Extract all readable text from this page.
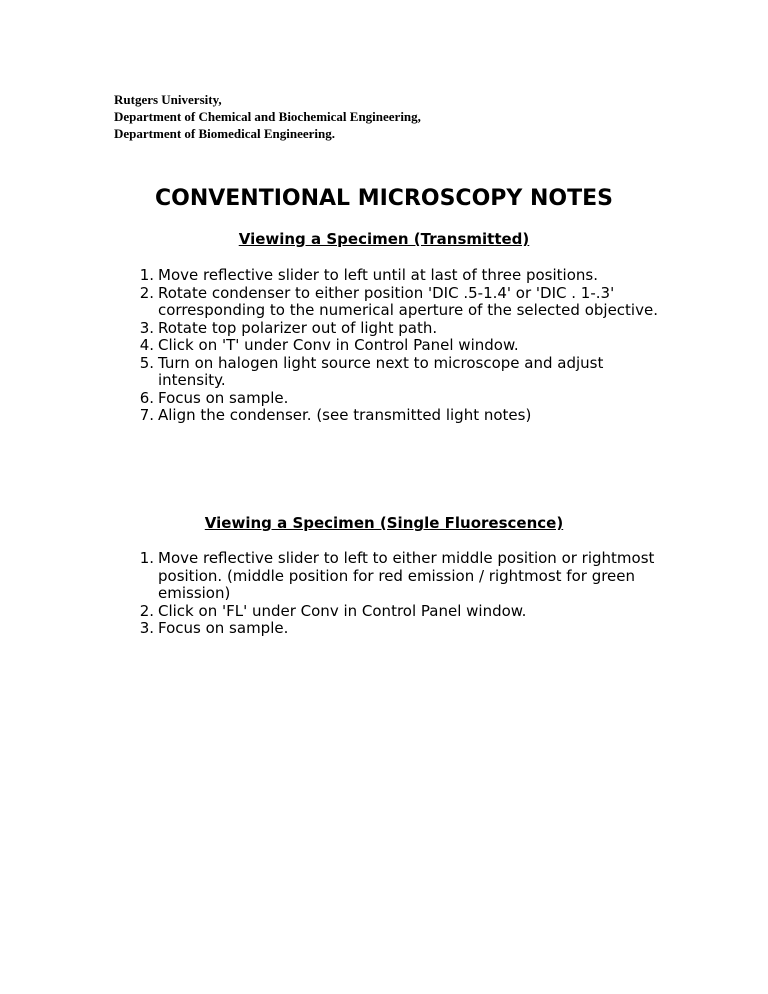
Rutgers University,
Department of Chemical and Biochemical Engineering,
Department of Biomedical Engineering.
CONVENTIONAL MICROSCOPY NOTES
Viewing a Specimen (Transmitted)
1. Move reflective slider to left until at last of three positions.
2. Rotate condenser to either position 'DIC .5-1.4' or 'DIC . 1-.3' corresponding to the numerical aperture of the selected objective.
3. Rotate top polarizer out of light path.
4. Click on 'T' under Conv in Control Panel window.
5. Turn on halogen light source next to microscope and adjust intensity.
6. Focus on sample.
7. Align the condenser. (see transmitted light notes)
Viewing a Specimen (Single Fluorescence)
1. Move reflective slider to left to either middle position or rightmost position. (middle position for red emission / rightmost for green emission)
2. Click on 'FL' under Conv in Control Panel window.
3. Focus on sample.
